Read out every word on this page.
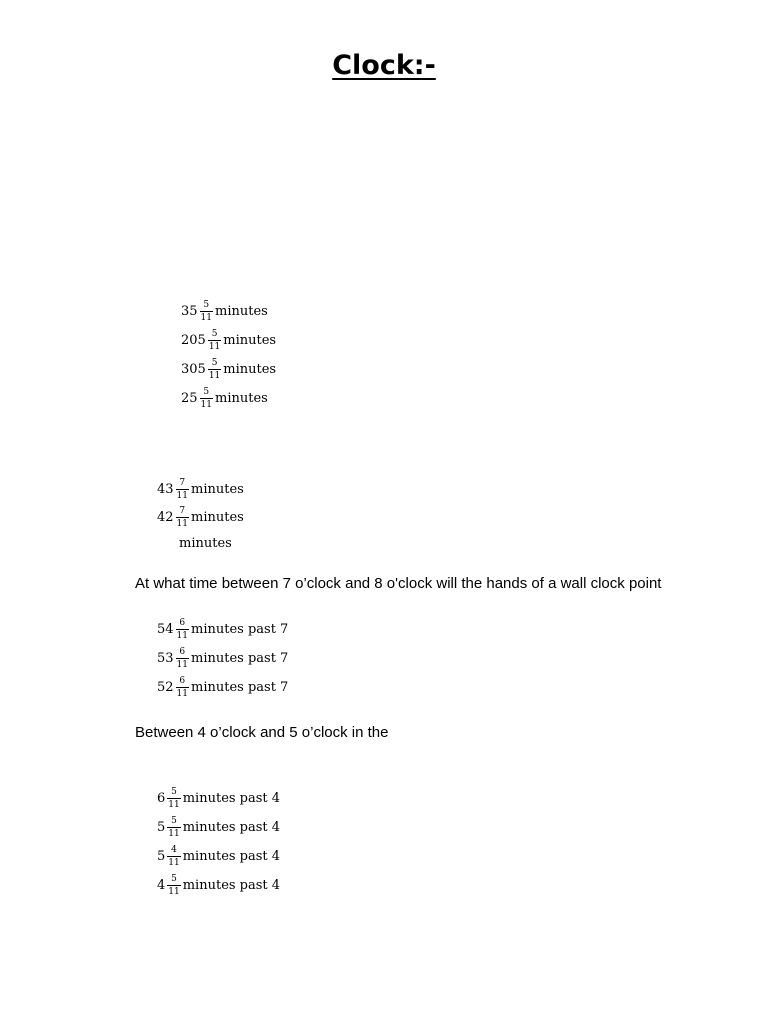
Clock:-
$35 \frac{5}{11}$ minutes
$205 \frac{5}{11}$ minutes
$305 \frac{5}{11}$ minutes
$25 \frac{5}{11}$ minutes
$43 \frac{7}{11}$ minutes
$42 \frac{7}{11}$ minutes
minutes
At what time between 7 o’clock and 8 o'clock will the hands of a wall clock point
$54 \frac{6}{11}$ minutes past 7
$53 \frac{6}{11}$ minutes past 7
$52 \frac{6}{11}$ minutes past 7
Between 4 o’clock and 5 o’clock in the
$6 \frac{5}{11}$ minutes past 4
$5 \frac{5}{11}$ minutes past 4
$5 \frac{4}{11}$ minutes past 4
$4 \frac{5}{11}$ minutes past 4
